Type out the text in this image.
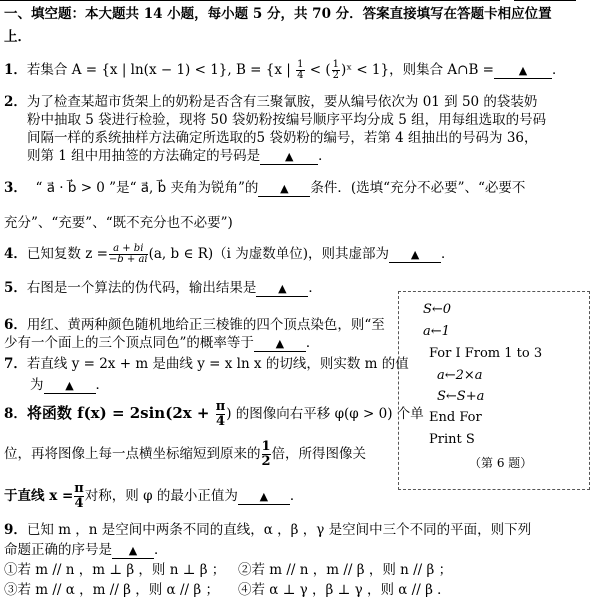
一、填空题：本大题共 14 小题，每小题 5 分，共 70 分．答案直接填写在答题卡相应位置
上．
1．若集合 A = {x | ln(x − 1) < 1}, B = {x | $\frac{1}{4}$ < ( $\frac{1}{2}$ )ˣ < 1}，则集合 A∩B = ▲ ．
2．为了检查某超市货架上的奶粉是否含有三聚氰胺，要从编号依次为 01 到 50 的袋装奶
粉中抽取 5 袋进行检验，现将 50 袋奶粉按编号顺序平均分成 5 组，用每组选取的号码
间隔一样的系统抽样方法确定所选取的5 袋奶粉的编号，若第 4 组抽出的号码为 36，
则第 1 组中用抽签的方法确定的号码是 ▲ ．
3． “ a⃗ · b⃗ > 0 ”是“ a⃗, b⃗ 夹角为锐角”的 ▲ 条件．(选填“充分不必要”、“必要不
充分”、“充要”、“既不充分也不必要”)
4．已知复数 $z = \frac{a + bi}{-b + ai} (a$, b ∈ R)（i 为虚数单位)，则其虚部为 ▲ ．
5．右图是一个算法的伪代码，输出结果是 ▲ ．
6．用红、黄两种颜色随机地给正三棱锥的四个顶点染色，则“至
少有一个面上的三个顶点同色”的概率等于 ▲ ．
7．若直线 y = 2x + m 是曲线 y = x ln x 的切线，则实数 m 的值
为 ▲ ．
8．将函数 $f(x) = 2\sin(2x + \frac{\pi}{4}$ ) 的图像向右平移 φ(φ > 0) 个单
位，再将图像上每一点横坐标缩短到原来的 $\frac{1}{2}$ 倍，所得图像关
于直线 $x = \frac{\pi}{4}$ 对称，则 φ 的最小正值为 ▲ ．
9．已知 m ，n 是空间中两条不同的直线，α ，β ，γ 是空间中三个不同的平面，则下列
命题正确的序号是 ▲ ．
①若 m // n ，m ⊥ β ，则 n ⊥ β ； ②若 m // n ，m // β ，则 n // β ；
③若 m // α ，m // β ，则 α // β ； ④若 α ⊥ γ ，β ⊥ γ ，则 α // β ．
S←0
a←1
For I From 1 to 3
a←2×a
S←S+a
End For
Print S
（第 6 题）
